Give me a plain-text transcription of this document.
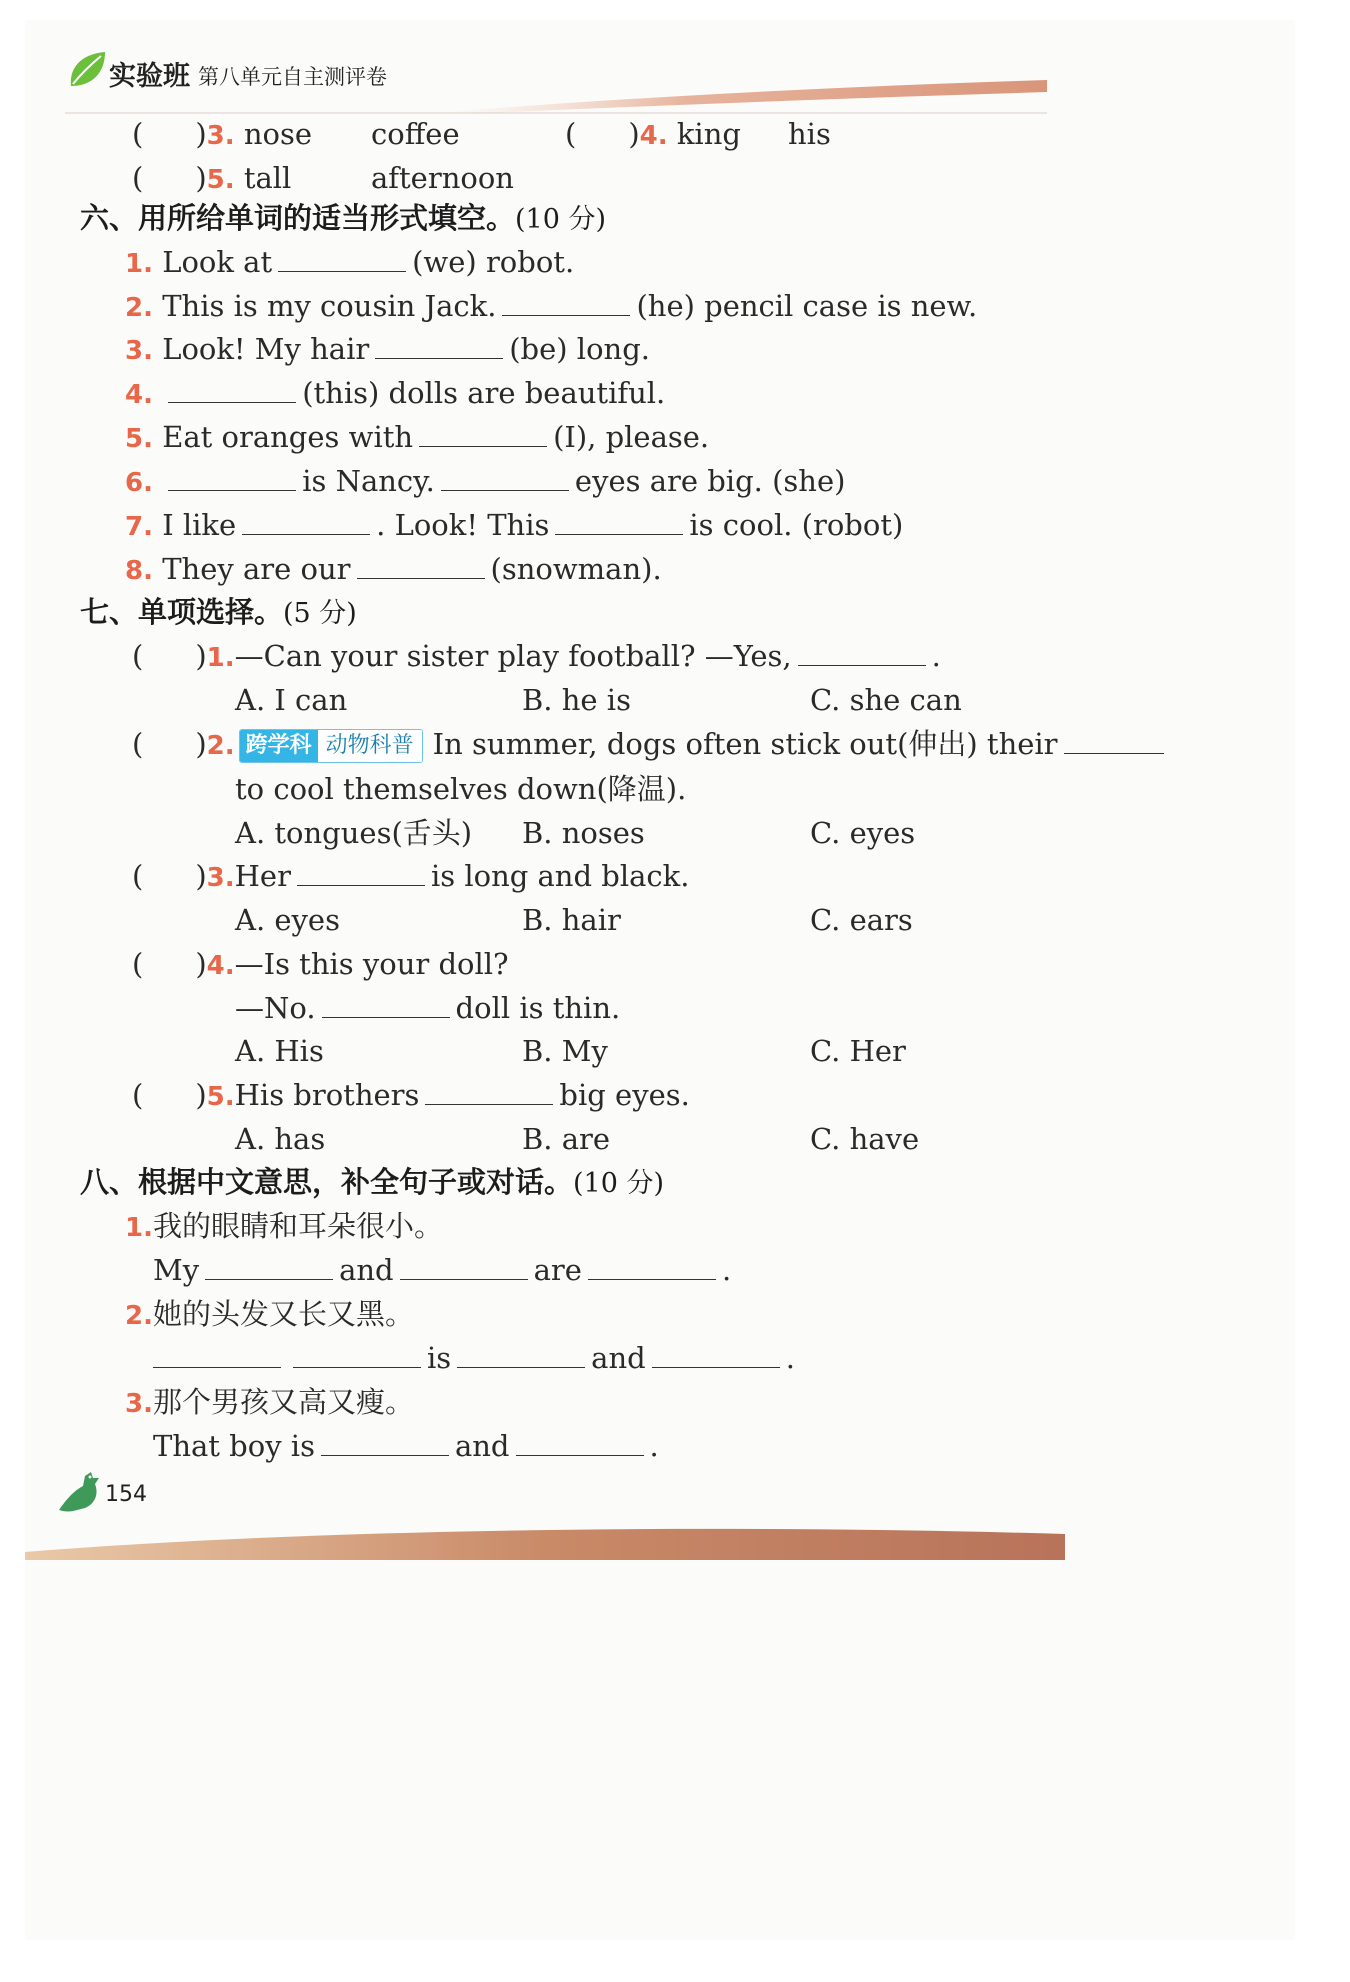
实验班 第八单元自主测评卷
( )3. nose coffee	( )4. king his
( )5. tall	afternoon
六、用所给单词的适当形式填空。(10 分)
1. Look at	(we) robot.
2. This is my cousin Jack.	(he) pencil case is new.
3. Look! My hair	(be) long.
4.	(this) dolls are beautiful.
5. Eat oranges with	(I), please.
6.	is Nancy.	eyes are big. (she)
7. I like	. Look! This	is cool. (robot)
8. They are our	(snowman).
七、单项选择。(5 分)
( )1.—Can your sister play football? —Yes,	.
A. I can	B. he is	C. she can
( )2. 跨学科 动物科普 In summer, dogs often stick out(伸出) their
to cool themselves down(降温).
A. tongues(舌头) B. noses	C. eyes
( )3.Her	is long and black.
A. eyes	B. hair	C. ears
( )4.—Is this your doll?
—No.	doll is thin.
A. His	B. My	C. Her
( )5.His brothers	big eyes.
A. has	B. are	C. have
八、根据中文意思，补全句子或对话。(10 分)
1.我的眼睛和耳朵很小。
My	and	are	.
2.她的头发又长又黑。
is	and	.
3.那个男孩又高又瘦。
That boy is	and	.
154
